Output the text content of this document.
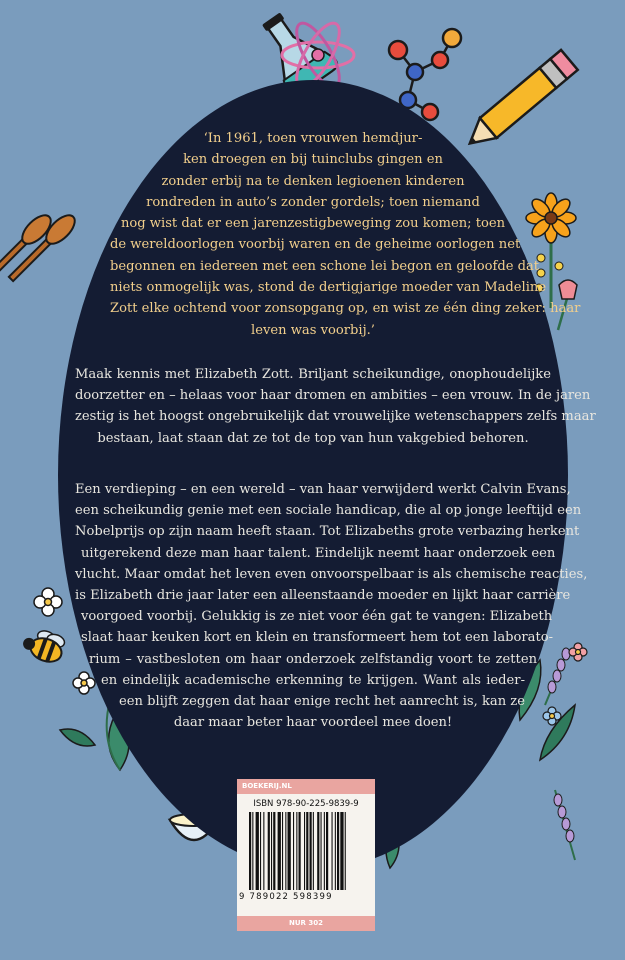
‘In 1961, toen vrouwen hemdjur-
ken droegen en bij tuinclubs gingen en
zonder erbij na te denken legioenen kinderen
rondreden in auto’s zonder gordels; toen niemand
nog wist dat er een jarenzestigbeweging zou komen; toen
de wereldoorlogen voorbij waren en de geheime oorlogen net
begonnen en iedereen met een schone lei begon en geloofde dat
niets onmogelijk was, stond de dertigjarige moeder van Madeline
Zott elke ochtend voor zonsopgang op, en wist ze één ding zeker: haar
leven was voorbij.’
Maak kennis met Elizabeth Zott. Briljant scheikundige, onophoudelijke
doorzetter en – helaas voor haar dromen en ambities – een vrouw. In de jaren
zestig is het hoogst ongebruikelijk dat vrouwelijke wetenschappers zelfs maar
bestaan, laat staan dat ze tot de top van hun vakgebied behoren.
Een verdieping – en een wereld – van haar verwijderd werkt Calvin Evans,
een scheikundig genie met een sociale handicap, die al op jonge leeftijd een
Nobelprijs op zijn naam heeft staan. Tot Elizabeths grote verbazing herkent
uitgerekend deze man haar talent. Eindelijk neemt haar onderzoek een
vlucht. Maar omdat het leven even onvoorspelbaar is als chemische reacties,
is Elizabeth drie jaar later een alleenstaande moeder en lijkt haar carrière
voorgoed voorbij. Gelukkig is ze niet voor één gat te vangen: Elizabeth
slaat haar keuken kort en klein en transformeert hem tot een laborato-
rium – vastbesloten om haar onderzoek zelfstandig voort te zetten
en eindelijk academische erkenning te krijgen. Want als ieder-
een blijft zeggen dat haar enige recht het aanrecht is, kan ze
daar maar beter haar voordeel mee doen!
BOEKERIJ.NL
ISBN 978-90-225-9839-9
9 789022 598399
NUR 302
